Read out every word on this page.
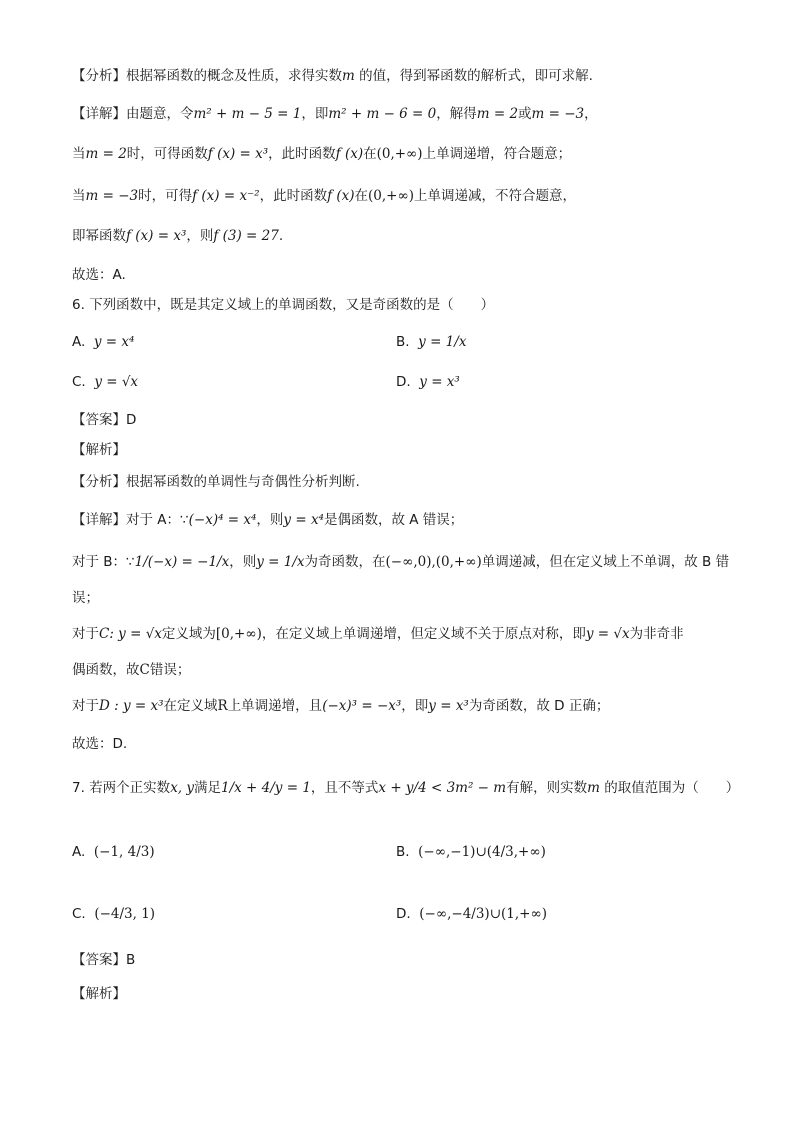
【分析】根据幂函数的概念及性质，求得实数m 的值，得到幂函数的解析式，即可求解.
【详解】由题意，令m² + m − 5 = 1，即m² + m − 6 = 0，解得m = 2或m = −3，
当m = 2时，可得函数f (x) = x³，此时函数f (x)在(0,+∞)上单调递增，符合题意；
当m = −3时，可得f (x) = x⁻²，此时函数f (x)在(0,+∞)上单调递减，不符合题意，
即幂函数f (x) = x³，则f (3) = 27.
故选：A.
6. 下列函数中，既是其定义域上的单调函数，又是奇函数的是（　　）
A. y = x⁴	B. y = 1/x
C. y = √x	D. y = x³
【答案】D
【解析】
【分析】根据幂函数的单调性与奇偶性分析判断.
【详解】对于 A：∵(−x)⁴ = x⁴，则y = x⁴是偶函数，故 A 错误；
对于 B：∵1/(−x) = −1/x，则y = 1/x为奇函数，在(−∞,0),(0,+∞)单调递减，但在定义域上不单调，故 B 错
误；
对于C: y = √x定义域为[0,+∞)，在定义域上单调递增，但定义域不关于原点对称，即y = √x为非奇非
偶函数，故C错误；
对于D : y = x³在定义域R上单调递增，且(−x)³ = −x³，即y = x³为奇函数，故 D 正确；
故选：D.
7. 若两个正实数x, y满足1/x + 4/y = 1，且不等式x + y/4 < 3m² − m有解，则实数m 的取值范围为（　　）
A. (−1, 4/3)	B. (−∞,−1)∪(4/3,+∞)
C. (−4/3, 1)	D. (−∞,−4/3)∪(1,+∞)
【答案】B
【解析】
